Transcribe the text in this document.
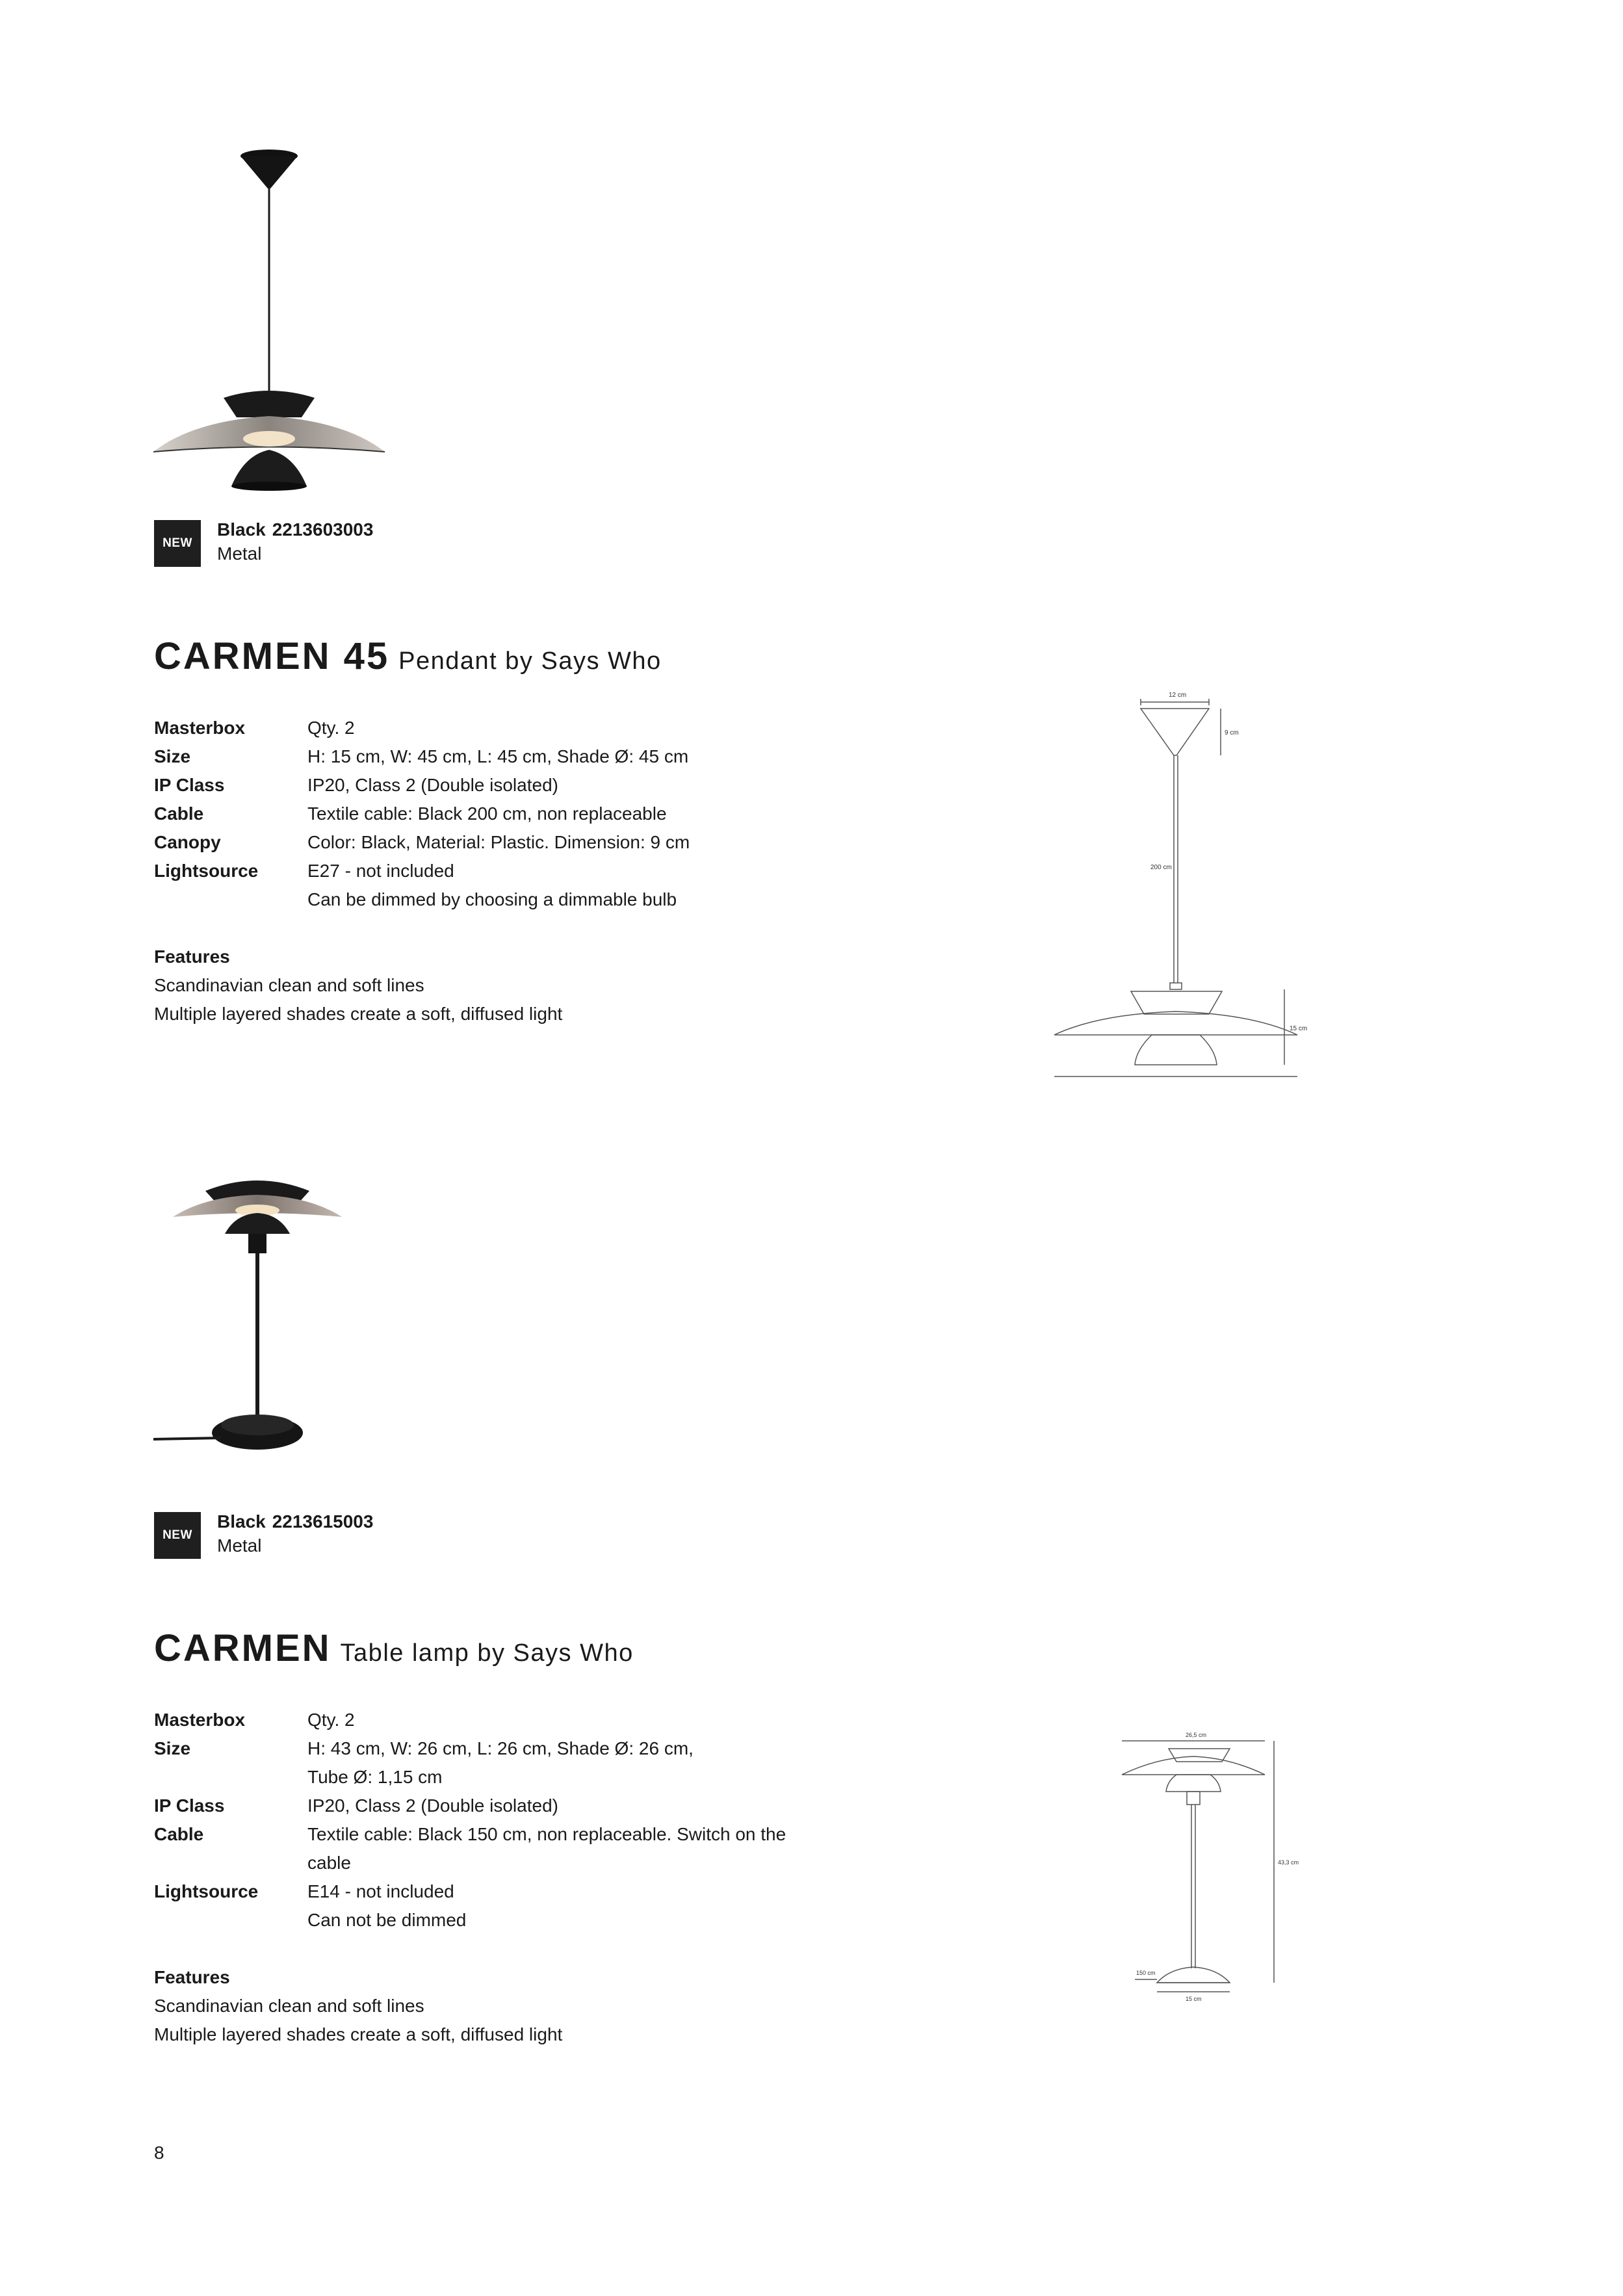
NEW
Black 2213603003
Metal
CARMEN 45 Pendant by Says Who
Masterbox	Qty. 2
Size	H: 15 cm, W: 45 cm, L: 45 cm, Shade Ø: 45 cm
IP Class	IP20, Class 2 (Double isolated)
Cable	Textile cable: Black 200 cm, non replaceable
Canopy	Color: Black, Material: Plastic. Dimension: 9 cm
Lightsource	E27 - not included
Can be dimmed by choosing a dimmable bulb
Features
Scandinavian clean and soft lines
Multiple layered shades create a soft, diffused light
12 cm
9 cm
200 cm
15 cm
NEW
Black 2213615003
Metal
CARMEN Table lamp by Says Who
Masterbox	Qty. 2
Size	H: 43 cm, W: 26 cm, L: 26 cm, Shade Ø: 26 cm,
Tube Ø: 1,15 cm
IP Class	IP20, Class 2 (Double isolated)
Cable	Textile cable: Black 150 cm, non replaceable. Switch on the
cable
Lightsource	E14 - not included
Can not be dimmed
Features
Scandinavian clean and soft lines
Multiple layered shades create a soft, diffused light
26,5 cm
43,3 cm
150 cm
15 cm
8
